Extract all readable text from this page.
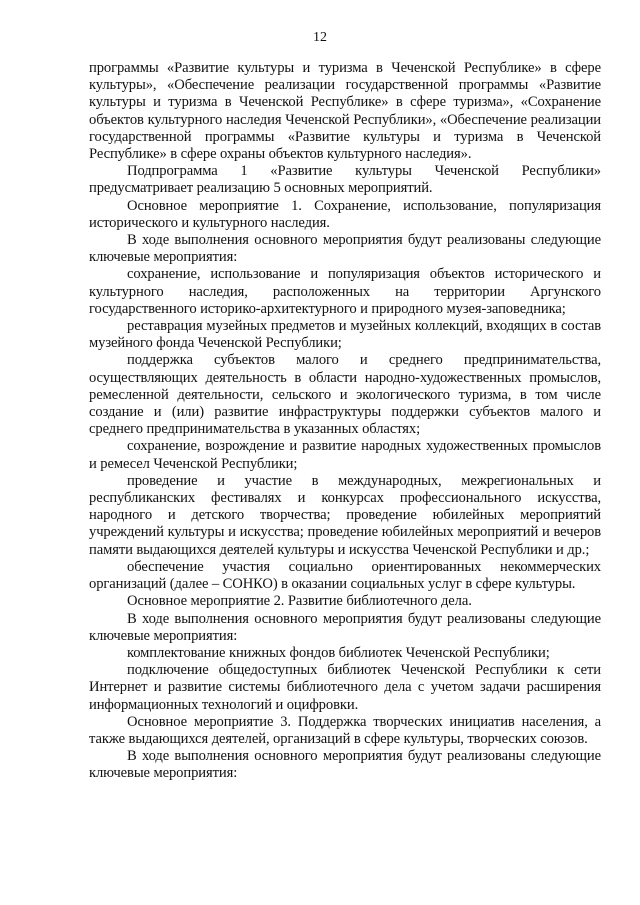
12

программы «Развитие культуры и туризма в Чеченской Республике» в сфере культуры», «Обеспечение реализации государственной программы «Развитие культуры и туризма в Чеченской Республике» в сфере туризма», «Сохранение объектов культурного наследия Чеченской Республики», «Обеспечение реализации государственной программы «Развитие культуры и туризма в Чеченской Республике» в сфере охраны объектов культурного наследия».

Подпрограмма 1 «Развитие культуры Чеченской Республики» предусматривает реализацию 5 основных мероприятий.

Основное мероприятие 1. Сохранение, использование, популяризация исторического и культурного наследия.

В ходе выполнения основного мероприятия будут реализованы следующие ключевые мероприятия:

сохранение, использование и популяризация объектов исторического и культурного наследия, расположенных на территории Аргунского государственного историко-архитектурного и природного музея-заповедника;

реставрация музейных предметов и музейных коллекций, входящих в состав музейного фонда Чеченской Республики;

поддержка субъектов малого и среднего предпринимательства, осуществляющих деятельность в области народно-художественных промыслов, ремесленной деятельности, сельского и экологического туризма, в том числе создание и (или) развитие инфраструктуры поддержки субъектов малого и среднего предпринимательства в указанных областях;

сохранение, возрождение и развитие народных художественных промыслов и ремесел Чеченской Республики;

проведение и участие в международных, межрегиональных и республиканских фестивалях и конкурсах профессионального искусства, народного и детского творчества; проведение юбилейных мероприятий учреждений культуры и искусства; проведение юбилейных мероприятий и вечеров памяти выдающихся деятелей культуры и искусства Чеченской Республики и др.;

обеспечение участия социально ориентированных некоммерческих организаций (далее – СОНКО) в оказании социальных услуг в сфере культуры.

Основное мероприятие 2. Развитие библиотечного дела.

В ходе выполнения основного мероприятия будут реализованы следующие ключевые мероприятия:

комплектование книжных фондов библиотек Чеченской Республики;

подключение общедоступных библиотек Чеченской Республики к сети Интернет и развитие системы библиотечного дела с учетом задачи расширения информационных технологий и оцифровки.

Основное мероприятие 3. Поддержка творческих инициатив населения, а также выдающихся деятелей, организаций в сфере культуры, творческих союзов.

В ходе выполнения основного мероприятия будут реализованы следующие ключевые мероприятия:
